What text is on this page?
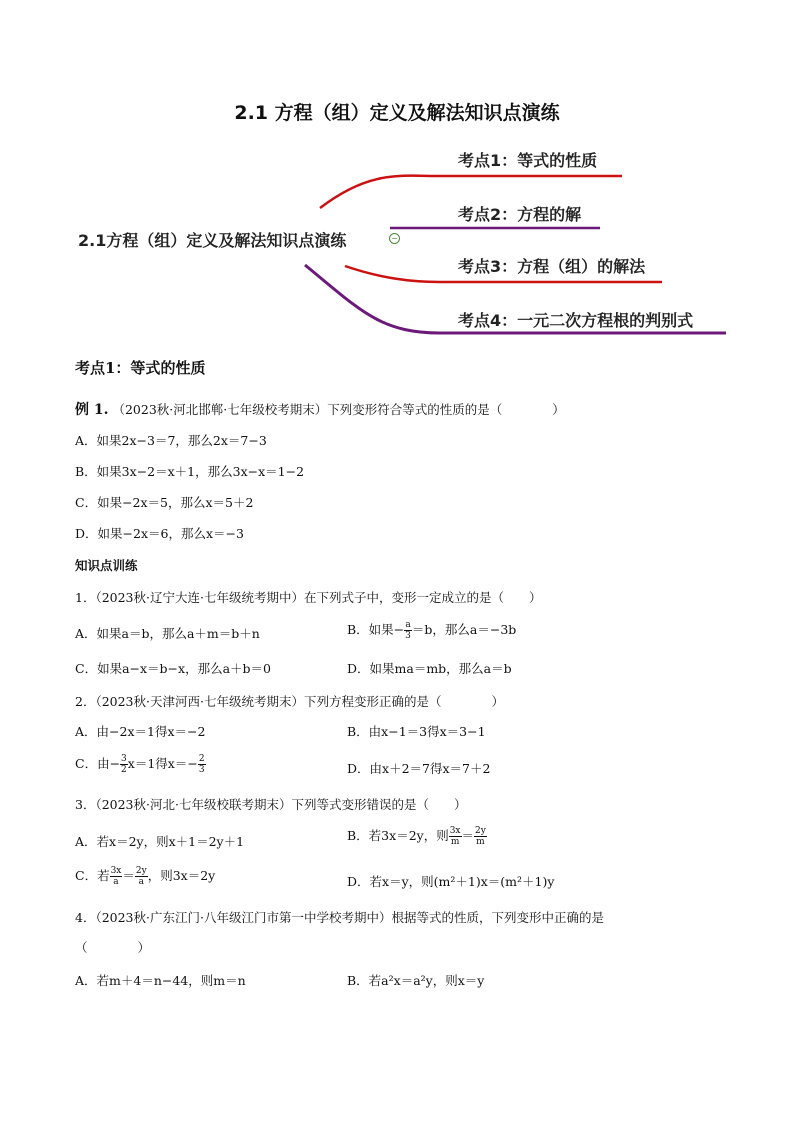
2.1 方程（组）定义及解法知识点演练
2.1方程（组）定义及解法知识点演练	−
考点1：等式的性质
考点2：方程的解
考点3：方程（组）的解法
考点4：一元二次方程根的判别式
考点1：等式的性质
例 1. （2023秋·河北邯郸·七年级校考期末）下列变形符合等式的性质的是（　　　　）
A．如果2x−3＝7，那么2x＝7−3
B．如果3x−2＝x＋1，那么3x−x＝1−2
C．如果−2x＝5，那么x＝5＋2
D．如果−2x＝6，那么x＝−3
知识点训练
1．（2023秋·辽宁大连·七年级统考期中）在下列式子中，变形一定成立的是（　　）
A．如果a＝b，那么a＋m＝b＋n	B．如果− $\frac{a}{3} =b$，那么a＝−3b
C．如果a−x＝b−x，那么a＋b＝0	D．如果ma＝mb，那么a＝b
2．（2023秋·天津河西·七年级统考期末）下列方程变形正确的是（　　　　）
A．由−2x＝1得x＝−2	B．由x−1＝3得x＝3−1
C．由− $\frac{3}{2} x=1$得$x=- \frac{2}{3}$	D．由x＋2＝7得x＝7＋2
3．（2023秋·河北·七年级校联考期末）下列等式变形错误的是（　　）
A．若x＝2y，则x＋1＝2y＋1	B．若3x＝2y，则 $\frac{3x}{m} = \frac{2y}{m}$
C．若 $\frac{3x}{a} = \frac{2y}{a}$ ，则3x＝2y	D．若x＝y，则(m²＋1)x＝(m²＋1)y
4．（2023秋·广东江门·八年级江门市第一中学校考期中）根据等式的性质，下列变形中正确的是
（　　　　）
A．若m＋4＝n−44，则m＝n	B．若a²x＝a²y，则x＝y
